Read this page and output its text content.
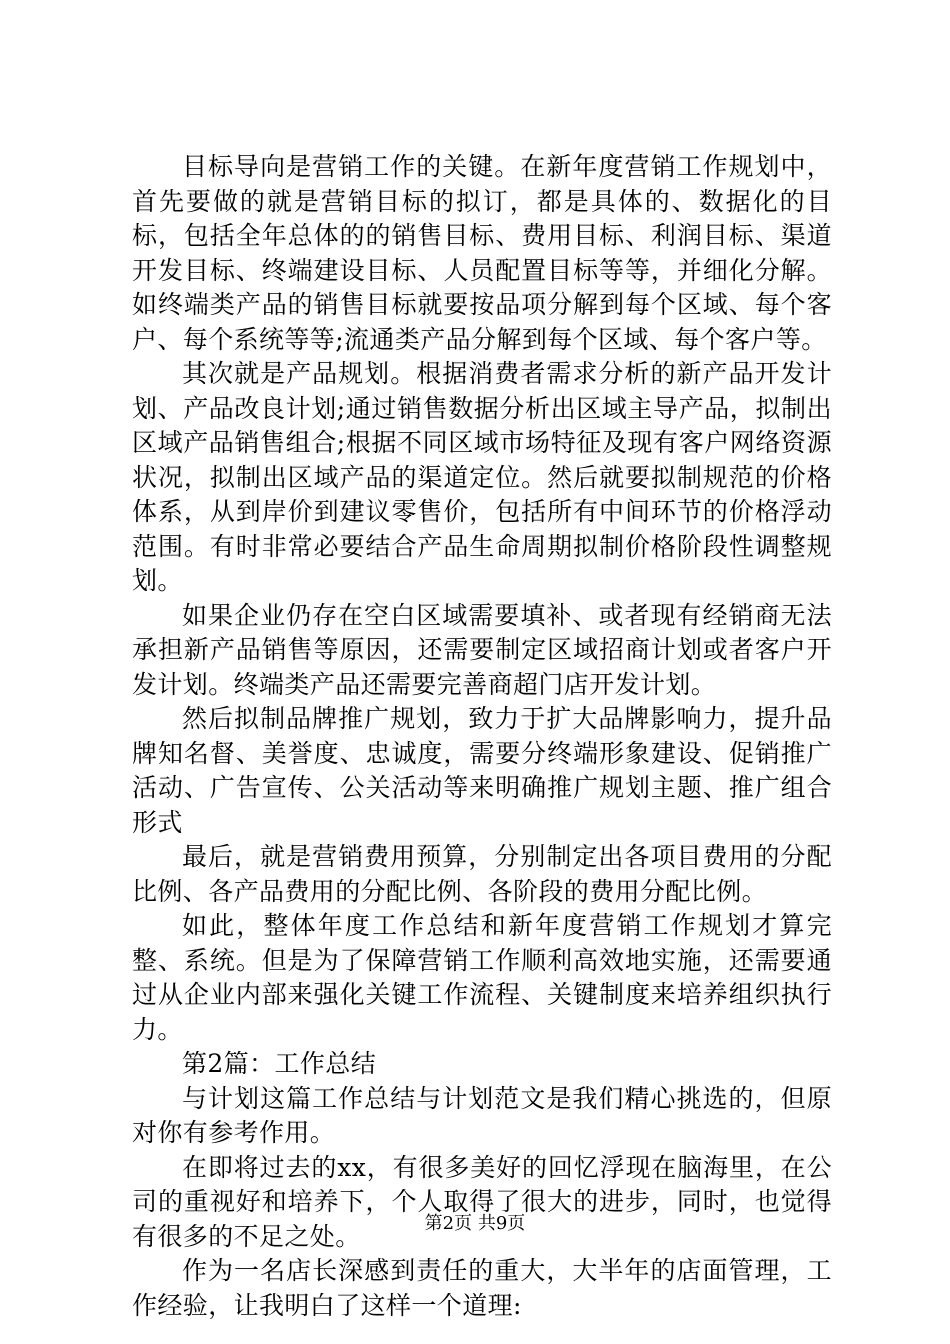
目标导向是营销工作的关键。在新年度营销工作规划中，首先要做的就是营销目标的拟订，都是具体的、数据化的目标，包括全年总体的的销售目标、费用目标、利润目标、渠道开发目标、终端建设目标、人员配置目标等等，并细化分解。如终端类产品的销售目标就要按品项分解到每个区域、每个客户、每个系统等等;流通类产品分解到每个区域、每个客户等。

其次就是产品规划。根据消费者需求分析的新产品开发计划、产品改良计划;通过销售数据分析出区域主导产品，拟制出区域产品销售组合;根据不同区域市场特征及现有客户网络资源状况，拟制出区域产品的渠道定位。然后就要拟制规范的价格体系，从到岸价到建议零售价，包括所有中间环节的价格浮动范围。有时非常必要结合产品生命周期拟制价格阶段性调整规划。

如果企业仍存在空白区域需要填补、或者现有经销商无法承担新产品销售等原因，还需要制定区域招商计划或者客户开发计划。终端类产品还需要完善商超门店开发计划。

然后拟制品牌推广规划，致力于扩大品牌影响力，提升品牌知名督、美誉度、忠诚度，需要分终端形象建设、促销推广活动、广告宣传、公关活动等来明确推广规划主题、推广组合形式

最后，就是营销费用预算，分别制定出各项目费用的分配比例、各产品费用的分配比例、各阶段的费用分配比例。

如此，整体年度工作总结和新年度营销工作规划才算完整、系统。但是为了保障营销工作顺利高效地实施，还需要通过从企业内部来强化关键工作流程、关键制度来培养组织执行力。

第2篇：工作总结

与计划这篇工作总结与计划范文是我们精心挑选的，但原对你有参考作用。

在即将过去的xx，有很多美好的回忆浮现在脑海里，在公司的重视好和培养下，个人取得了很大的进步，同时，也觉得有很多的不足之处。

作为一名店长深感到责任的重大，大半年的店面管理，工作经验，让我明白了这样一个道理:

第2页 共9页
